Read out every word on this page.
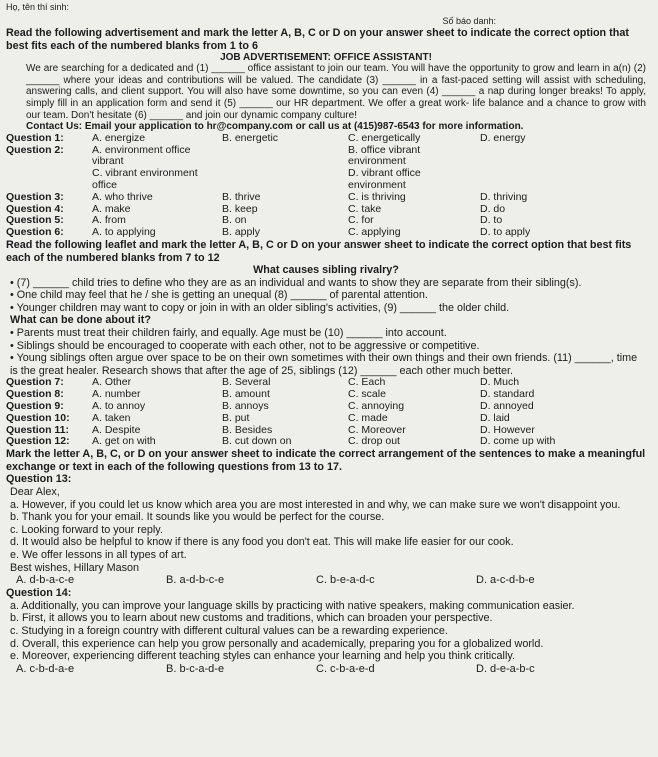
Họ, tên thí sinh:
Số báo danh:

Read the following advertisement and mark the letter A, B, C or D on your answer sheet to indicate the correct option that best fits each of the numbered blanks from 1 to 6

JOB ADVERTISEMENT: OFFICE ASSISTANT!

We are searching for a dedicated and (1) ______ office assistant to join our team. You will have the opportunity to grow and learn in a(n) (2) ______ where your ideas and contributions will be valued. The candidate (3) ______ in a fast-paced setting will assist with scheduling, answering calls, and client support. You will also have some downtime, so you can even (4) ______ a nap during longer breaks! To apply, simply fill in an application form and send it (5) ______ our HR department. We offer a great work- life balance and a chance to grow with our team. Don't hesitate (6) ______ and join our dynamic company culture!

Contact Us: Email your application to hr@company.com or call us at (415)987-6543 for more information.

Question 1:	A. energize	B. energetic	C. energetically	D. energy
Question 2:	A. environment office vibrant
B. office vibrant environment
C. vibrant environment office
D. vibrant office environment
Question 3:	A. who thrive	B. thrive	C. is thriving	D. thriving
Question 4:	A. make	B. keep	C. take	D. do
Question 5:	A. from	B. on	C. for	D. to
Question 6:	A. to applying	B. apply	C. applying	D. to apply

Read the following leaflet and mark the letter A, B, C or D on your answer sheet to indicate the correct option that best fits each of the numbered blanks from 7 to 12

What causes sibling rivalry?

• (7) ______ child tries to define who they are as an individual and wants to show they are separate from their sibling(s).

• One child may feel that he / she is getting an unequal (8) ______ of parental attention.

• Younger children may want to copy or join in with an older sibling's activities, (9) ______ the older child.

What can be done about it?

• Parents must treat their children fairly, and equally. Age must be (10) ______ into account.

• Siblings should be encouraged to cooperate with each other, not to be aggressive or competitive.

• Young siblings often argue over space to be on their own sometimes with their own things and their own friends. (11) ______, time is the great healer. Research shows that after the age of 25, siblings (12) ______ each other much better.

Question 7:	A. Other	B. Several	C. Each	D. Much
Question 8:	A. number	B. amount	C. scale	D. standard
Question 9:	A. to annoy	B. annoys	C. annoying	D. annoyed
Question 10:	A. taken	B. put	C. made	D. laid
Question 11:	A. Despite	B. Besides	C. Moreover	D. However
Question 12:	A. get on with	B. cut down on	C. drop out	D. come up with

Mark the letter A, B, C, or D on your answer sheet to indicate the correct arrangement of the sentences to make a meaningful exchange or text in each of the following questions from 13 to 17.

Question 13:

Dear Alex,

a. However, if you could let us know which area you are most interested in and why, we can make sure we won't disappoint you.

b. Thank you for your email. It sounds like you would be perfect for the course.

c. Looking forward to your reply.

d. It would also be helpful to know if there is any food you don't eat. This will make life easier for our cook.

e. We offer lessons in all types of art.

Best wishes, Hillary Mason

A. d-b-a-c-e	B. a-d-b-c-e	C. b-e-a-d-c	D. a-c-d-b-e

Question 14:

a. Additionally, you can improve your language skills by practicing with native speakers, making communication easier.

b. First, it allows you to learn about new customs and traditions, which can broaden your perspective.

c. Studying in a foreign country with different cultural values can be a rewarding experience.

d. Overall, this experience can help you grow personally and academically, preparing you for a globalized world.

e. Moreover, experiencing different teaching styles can enhance your learning and help you think critically.

A. c-b-d-a-e	B. b-c-a-d-e	C. c-b-a-e-d	D. d-e-a-b-c
